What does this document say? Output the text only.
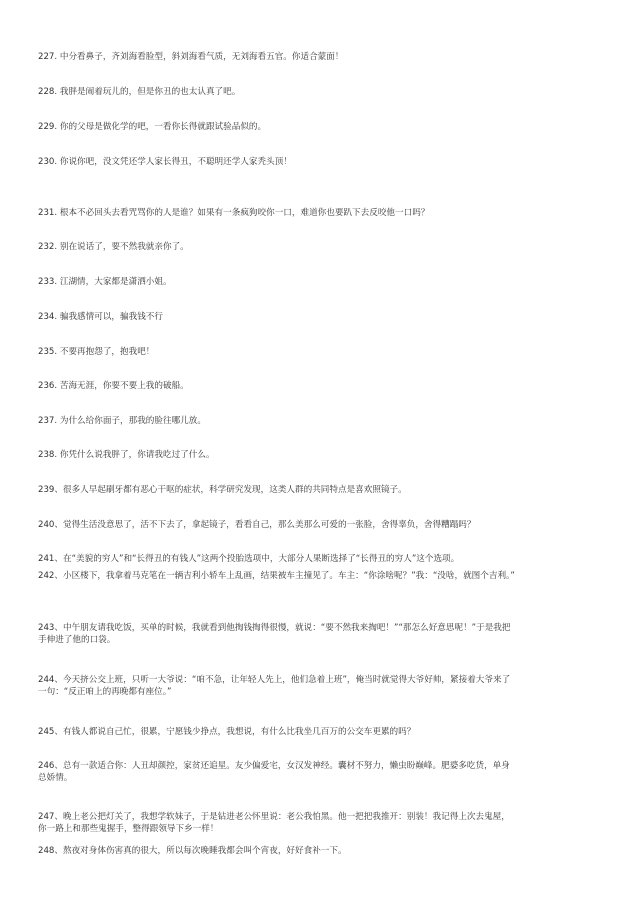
227. 中分看鼻子，齐刘海看脸型，斜刘海看气质，无刘海看五官。你适合蒙面！
228. 我胖是闹着玩儿的，但是你丑的也太认真了吧。
229. 你的父母是做化学的吧，一看你长得就跟试验品似的。
230. 你说你吧，没文凭还学人家长得丑，不聪明还学人家秃头顶！
231. 根本不必回头去看咒骂你的人是谁？如果有一条疯狗咬你一口，难道你也要趴下去反咬他一口吗？
232. 别在说话了，要不然我就亲你了。
233. 江湖情，大家都是潇洒小姐。
234. 骗我感情可以，骗我钱不行
235. 不要再抱怨了，抱我吧！
236. 苦海无涯，你要不要上我的破船。
237. 为什么给你面子，那我的脸往哪儿放。
238. 你凭什么说我胖了，你请我吃过了什么。
239、很多人早起刷牙都有恶心干呕的症状，科学研究发现，这类人群的共同特点是喜欢照镜子。
240、觉得生活没意思了，活不下去了，拿起镜子，看看自己，那么美那么可爱的一张脸，舍得辜负，舍得糟蹋吗？
241、在“美貌的穷人”和“长得丑的有钱人”这两个投胎选项中，大部分人果断选择了“长得丑的穷人”这个选项。
242、小区楼下，我拿着马克笔在一辆吉利小轿车上乱画，结果被车主撞见了。车主：“你涂啥呢？”我：“没啥，就图个吉利。”
243、中午朋友请我吃饭，买单的时候，我就看到他掏钱掏得很慢，就说：“要不然我来掏吧！”“那怎么好意思呢！”于是我把手伸进了他的口袋。
244、今天挤公交上班，只听一大爷说：“咱不急，让年轻人先上，他们急着上班”，俺当时就觉得大爷好帅，紧接着大爷来了一句：“反正咱上的再晚都有座位。”
245、有钱人都说自己忙，很累，宁愿钱少挣点，我想说，有什么比我坐几百万的公交车更累的吗？
246、总有一款适合你：人丑却颜控，家贫还追星。友少偏爱宅，女汉发神经。囊材不努力，懒虫盼巅峰。肥婆多吃货，单身总娇情。
247、晚上老公把灯关了，我想学软妹子，于是钻进老公怀里说：老公我怕黑。他一把把我推开：别装！我记得上次去鬼屋，你一路上和那些鬼握手，整得跟领导下乡一样！
248、熬夜对身体伤害真的很大，所以每次晚睡我都会叫个宵夜，好好食补一下。
